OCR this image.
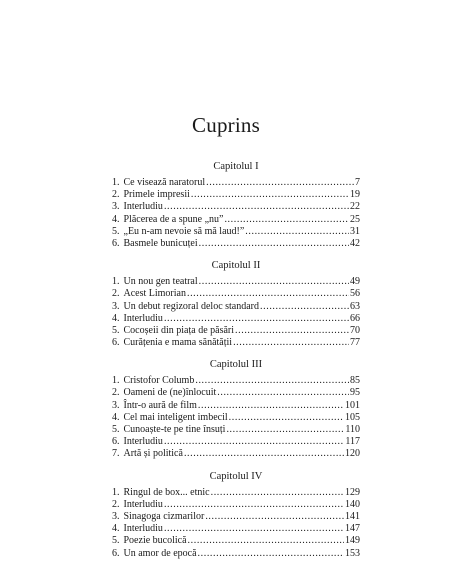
Cuprins
Capitolul I
1. Ce visează naratorul .....	7
2. Primele impresii .....	19
3. Interludiu .....	22
4. Plăcerea de a spune „nu” .....	25
5. „Eu n-am nevoie să mă laud!” .....	31
6. Basmele bunicuței .....	42
Capitolul II
1. Un nou gen teatral .....	49
2. Acest Limorian .....	56
3. Un debut regizoral deloc standard .....	63
4. Interludiu .....	66
5. Cocoșeii din piața de păsări .....	70
6. Curățenia e mama sănătății .....	77
Capitolul III
1. Cristofor Columb .....	85
2. Oameni de (ne)înlocuit .....	95
3. Într-o aură de film .....	101
4. Cel mai inteligent imbecil .....	105
5. Cunoaște-te pe tine însuți .....	110
6. Interludiu .....	117
7. Artă și politică .....	120
Capitolul IV
1. Ringul de box... etnic .....	129
2. Interludiu .....	140
3. Sinagoga cizmarilor .....	141
4. Interludiu .....	147
5. Poezie bucolică .....	149
6. Un amor de epocă .....	153
